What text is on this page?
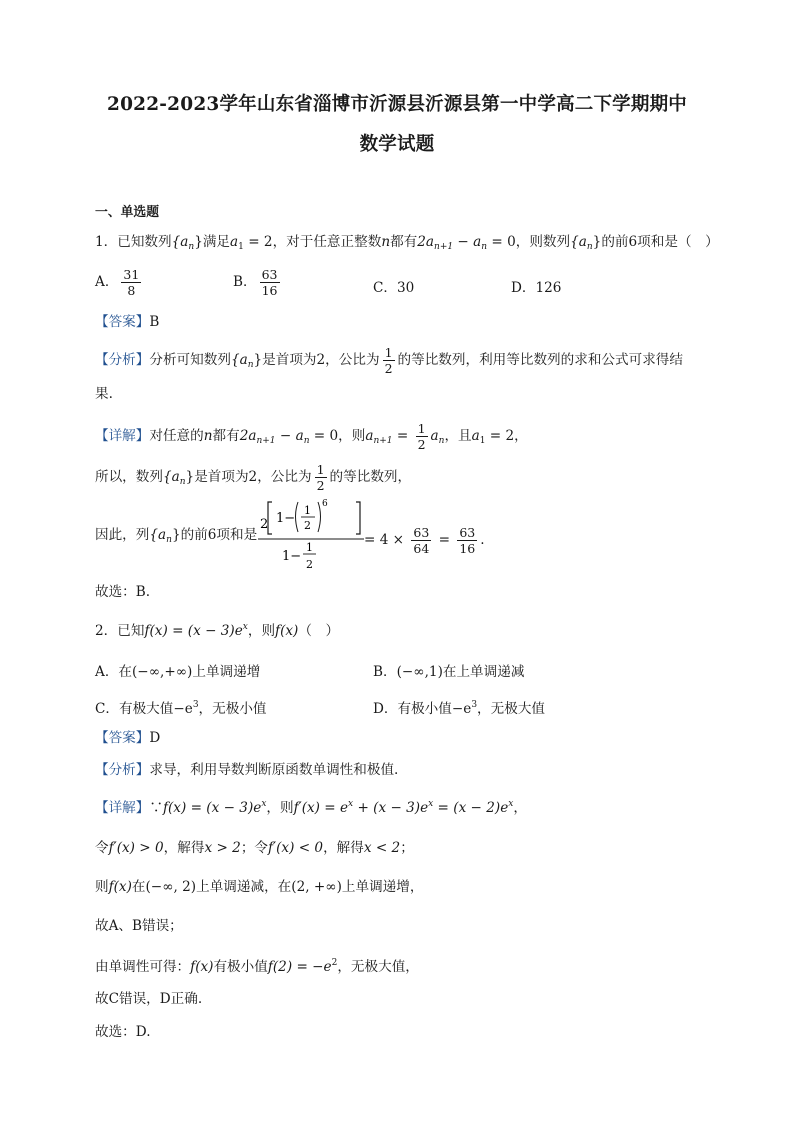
2022-2023学年山东省淄博市沂源县沂源县第一中学高二下学期期中
数学试题
一、单选题
1．已知数列$\{a_n\}$满足$a_1 = 2$，对于任意正整数n都有$2a_{n+1} - a_n = 0$，则数列$\{a_n\}$的前6项和是（　）
A． $\frac{31}{8}$	B． $\frac{63}{16}$	C．30	D．126
【答案】B
【分析】分析可知数列$\{a_n\}$是首项为2，公比为 $\frac{1}{2}$ 的等比数列，利用等比数列的求和公式可求得结
果.
【详解】对任意的n都有$2a_{n+1} - a_n = 0$，则$a_{n+1} = \frac{1}{2} a_n$，且$a_1 = 2$，
所以，数列$\{a_n\}$是首项为2，公比为 $\frac{1}{2}$ 的等比数列，
因此，列$\{a_n\}$的前6项和是
2 1−
1
2
6
1−
1
2
= $4 \times \frac{63}{64} = \frac{63}{16}$ .
故选：B.
2．已知$f(x) = (x - 3)e^x$，则f(x)（　）
A．在(−∞,+∞)上单调递增	B．(−∞,1)在上单调递减
C．有极大值$-e^3$，无极小值	D．有极小值$-e^3$，无极大值
【答案】D
【分析】求导，利用导数判断原函数单调性和极值.
【详解】∵f(x) = $(x - 3)e^x$，则$f'(x) = e^x + (x - 3)e^x = (x - 2)e^x$，
令f′(x) > 0，解得x > 2；令f′(x) < 0，解得x < 2；
则f(x)在(−∞, 2)上单调递减，在(2, +∞)上单调递增，
故A、B错误；
由单调性可得：f(x)有极小值$f(2) = -e^2$，无极大值，
故C错误，D正确.
故选：D.
